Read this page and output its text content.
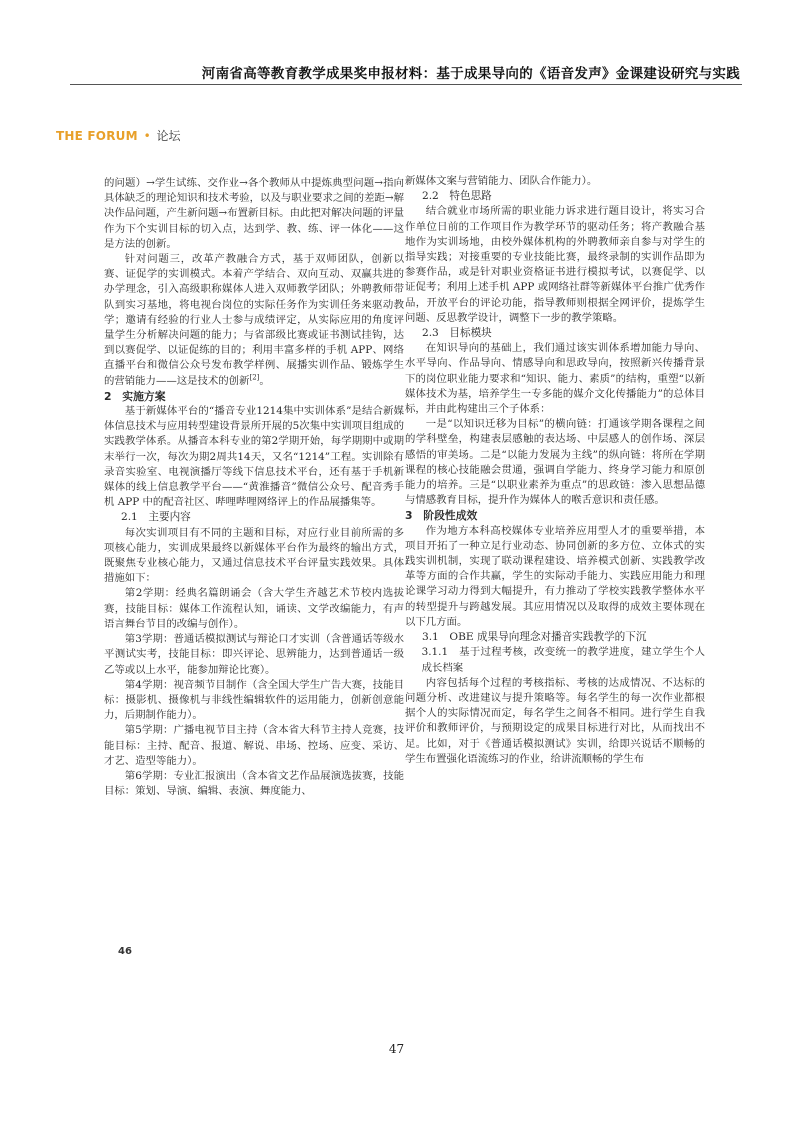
河南省高等教育教学成果奖申报材料：基于成果导向的《语音发声》金课建设研究与实践
THE FORUM • 论坛

的问题）→学生试练、交作业→各个教师从中提炼典型问题→指向具体缺乏的理论知识和技术考验，以及与职业要求之间的差距→解决作品问题，产生新问题→布置新目标。由此把对解决问题的评量作为下个实训目标的切入点，达到学、教、练、评一体化——这是方法的创新。

针对问题三，改革产教融合方式，基于双师团队，创新以赛、证促学的实训模式。本着产学结合、双向互动、双赢共进的办学理念，引入高级职称媒体人进入双师教学团队；外聘教师带队到实习基地，将电视台岗位的实际任务作为实训任务来驱动教学；邀请有经验的行业人士参与成绩评定，从实际应用的角度评量学生分析解决问题的能力；与省部级比赛或证书测试挂钩，达到以赛促学、以证促练的目的；利用丰富多样的手机 APP、网络直播平台和微信公众号发布教学样例、展播实训作品、锻炼学生的营销能力——这是技术的创新[2]。

2　实施方案

基于新媒体平台的“播音专业1214集中实训体系”是结合新媒体信息技术与应用转型建设背景所开展的5次集中实训项目组成的实践教学体系。从播音本科专业的第2学期开始，每学期期中或期末举行一次，每次为期2周共14天，又名“1214”工程。实训除有录音实验室、电视演播厅等线下信息技术平台，还有基于手机新媒体的线上信息教学平台——“黄淮播音”微信公众号、配音秀手机 APP 中的配音社区、哔哩哔哩网络评上的作品展播集等。

2.1　主要内容

每次实训项目有不同的主题和目标，对应行业目前所需的多项核心能力，实训成果最终以新媒体平台作为最终的输出方式，既聚焦专业核心能力，又通过信息技术平台评量实践效果。具体措施如下：

第2学期：经典名篇朗诵会（含大学生齐越艺术节校内选拔赛，技能目标：媒体工作流程认知，诵读、文学改编能力，有声语言舞台节目的改编与创作）。

第3学期：普通话模拟测试与辩论口才实训（含普通话等级水平测试实考，技能目标：即兴评论、思辨能力，达到普通话一级乙等或以上水平，能参加辩论比赛）。

第4学期：视音频节目制作（含全国大学生广告大赛，技能目标：摄影机、摄像机与非线性编辑软件的运用能力，创新创意能力，后期制作能力）。

第5学期：广播电视节目主持（含本省大科节主持人竞赛，技能目标：主持、配音、报道、解说、串场、控场、应变、采访、才艺、造型等能力）。

第6学期：专业汇报演出（含本省文艺作品展演选拔赛，技能目标：策划、导演、编辑、表演、舞度能力、

新媒体文案与营销能力、团队合作能力）。

2.2　特色思路

结合就业市场所需的职业能力诉求进行题目设计，将实习合作单位日前的工作项目作为教学环节的驱动任务；将产教融合基地作为实训场地，由校外媒体机构的外聘教师亲自参与对学生的指导实践；对接重要的专业技能比赛，最终录制的实训作品即为参赛作品，或是针对职业资格证书进行模拟考试，以赛促学、以证促考；利用上述手机 APP 或网络社群等新媒体平台推广优秀作品，开放平台的评论功能，指导教师则根据全网评价，提炼学生问题、反思教学设计，调整下一步的教学策略。

2.3　目标模块

在知识导向的基础上，我们通过该实训体系增加能力导向、水平导向、作品导向、情感导向和思政导向，按照新兴传播背景下的岗位职业能力要求和“知识、能力、素质”的结构，重塑“以新媒体技术为基，培养学生一专多能的媒介文化传播能力”的总体目标，并由此构建出三个子体系：

一是“以知识迁移为目标”的横向链：打通该学期各课程之间的学科壁垒，构建表层感触的表达场、中层感人的创作场、深层感悟的审美场。二是“以能力发展为主线”的纵向链：将所在学期课程的核心技能融会贯通，强调自学能力、终身学习能力和原创能力的培养。三是“以职业素养为重点”的思政链：渗入思想品德与情感教育目标，提升作为媒体人的喉舌意识和责任感。

3　阶段性成效

作为地方本科高校媒体专业培养应用型人才的重要举措，本项目开拓了一种立足行业动态、协同创新的多方位、立体式的实践实训机制，实现了联动课程建设、培养模式创新、实践教学改革等方面的合作共赢，学生的实际动手能力、实践应用能力和理论课学习动力得到大幅提升，有力推动了学校实践教学整体水平的转型提升与跨越发展。其应用情况以及取得的成效主要体现在以下几方面。

3.1　OBE 成果导向理念对播音实践教学的下沉
3.1.1　基于过程考核，改变统一的教学进度，建立学生个人成长档案

内容包括每个过程的考核指标、考核的达成情况、不达标的问题分析、改进建议与提升策略等。每名学生的每一次作业都根据个人的实际情况而定，每名学生之间各不相同。进行学生自我评价和教师评价，与预期设定的成果目标进行对比，从而找出不足。比如，对于《普通话模拟测试》实训，给即兴说话不顺畅的学生布置强化语流练习的作业，给讲流顺畅的学生布

46
47
